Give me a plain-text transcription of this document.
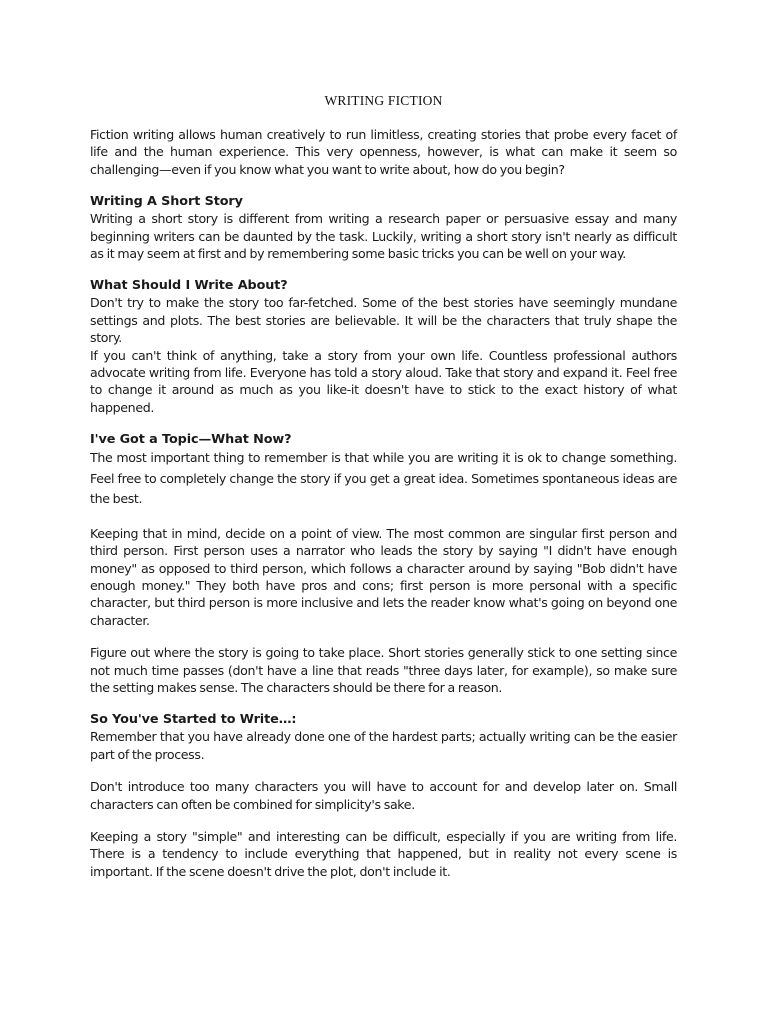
WRITING FICTION

Fiction writing allows human creatively to run limitless, creating stories that probe every facet of life and the human experience. This very openness, however, is what can make it seem so challenging—even if you know what you want to write about, how do you begin?

Writing A Short Story

Writing a short story is different from writing a research paper or persuasive essay and many beginning writers can be daunted by the task. Luckily, writing a short story isn't nearly as difficult as it may seem at first and by remembering some basic tricks you can be well on your way.

What Should I Write About?

Don't try to make the story too far-fetched. Some of the best stories have seemingly mundane settings and plots. The best stories are believable. It will be the characters that truly shape the story.

If you can't think of anything, take a story from your own life. Countless professional authors advocate writing from life. Everyone has told a story aloud. Take that story and expand it. Feel free to change it around as much as you like-it doesn't have to stick to the exact history of what happened.

I've Got a Topic—What Now?

The most important thing to remember is that while you are writing it is ok to change something. Feel free to completely change the story if you get a great idea. Sometimes spontaneous ideas are the best.

Keeping that in mind, decide on a point of view. The most common are singular first person and third person. First person uses a narrator who leads the story by saying "I didn't have enough money" as opposed to third person, which follows a character around by saying "Bob didn't have enough money." They both have pros and cons; first person is more personal with a specific character, but third person is more inclusive and lets the reader know what's going on beyond one character.

Figure out where the story is going to take place. Short stories generally stick to one setting since not much time passes (don't have a line that reads "three days later, for example), so make sure the setting makes sense. The characters should be there for a reason.

So You've Started to Write…:

Remember that you have already done one of the hardest parts; actually writing can be the easier part of the process.

Don't introduce too many characters you will have to account for and develop later on. Small characters can often be combined for simplicity's sake.

Keeping a story "simple" and interesting can be difficult, especially if you are writing from life. There is a tendency to include everything that happened, but in reality not every scene is important. If the scene doesn't drive the plot, don't include it.
